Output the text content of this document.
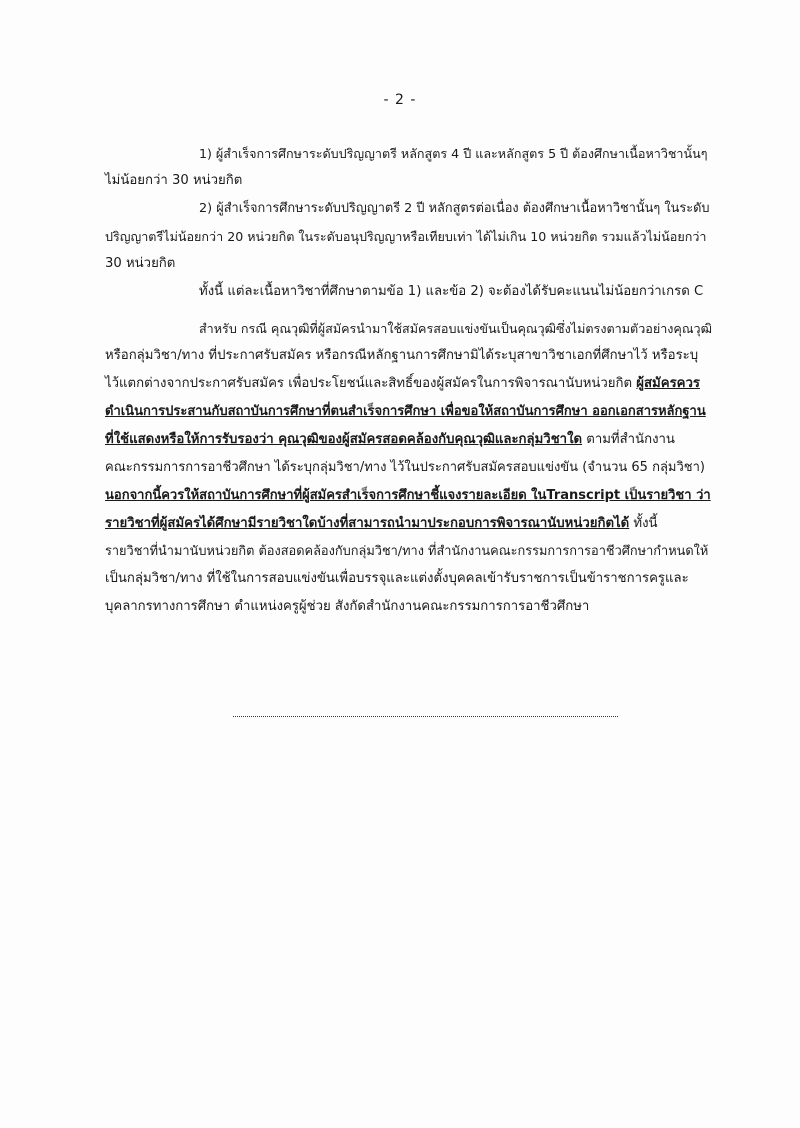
- 2 -
1) ผู้สำเร็จการศึกษาระดับปริญญาตรี หลักสูตร 4 ปี และหลักสูตร 5 ปี ต้องศึกษาเนื้อหาวิชานั้นๆ
ไม่น้อยกว่า 30 หน่วยกิต
2) ผู้สำเร็จการศึกษาระดับปริญญาตรี 2 ปี หลักสูตรต่อเนื่อง ต้องศึกษาเนื้อหาวิชานั้นๆ ในระดับ
ปริญญาตรีไม่น้อยกว่า 20 หน่วยกิต ในระดับอนุปริญญาหรือเทียบเท่า ได้ไม่เกิน 10 หน่วยกิต รวมแล้วไม่น้อยกว่า
30 หน่วยกิต
ทั้งนี้ แต่ละเนื้อหาวิชาที่ศึกษาตามข้อ 1) และข้อ 2) จะต้องได้รับคะแนนไม่น้อยกว่าเกรด C
สำหรับ กรณี คุณวุฒิที่ผู้สมัครนำมาใช้สมัครสอบแข่งขันเป็นคุณวุฒิซึ่งไม่ตรงตามตัวอย่างคุณวุฒิ
หรือกลุ่มวิชา/ทาง ที่ประกาศรับสมัคร หรือกรณีหลักฐานการศึกษามิได้ระบุสาขาวิชาเอกที่ศึกษาไว้ หรือระบุ
ไว้แตกต่างจากประกาศรับสมัคร เพื่อประโยชน์และสิทธิ์ของผู้สมัครในการพิจารณานับหน่วยกิต ผู้สมัครควร
ดำเนินการประสานกับสถาบันการศึกษาที่ตนสำเร็จการศึกษา เพื่อขอให้สถาบันการศึกษา ออกเอกสารหลักฐาน
ที่ใช้แสดงหรือให้การรับรองว่า คุณวุฒิของผู้สมัครสอดคล้องกับคุณวุฒิและกลุ่มวิชาใด ตามที่สำนักงาน
คณะกรรมการการอาชีวศึกษา ได้ระบุกลุ่มวิชา/ทาง ไว้ในประกาศรับสมัครสอบแข่งขัน (จำนวน 65 กลุ่มวิชา)
นอกจากนี้ควรให้สถาบันการศึกษาที่ผู้สมัครสำเร็จการศึกษาชี้แจงรายละเอียด ในTranscript เป็นรายวิชา ว่า
รายวิชาที่ผู้สมัครได้ศึกษามีรายวิชาใดบ้างที่สามารถนำมาประกอบการพิจารณานับหน่วยกิตได้ ทั้งนี้
รายวิชาที่นำมานับหน่วยกิต ต้องสอดคล้องกับกลุ่มวิชา/ทาง ที่สำนักงานคณะกรรมการการอาชีวศึกษากำหนดให้
เป็นกลุ่มวิชา/ทาง ที่ใช้ในการสอบแข่งขันเพื่อบรรจุและแต่งตั้งบุคคลเข้ารับราชการเป็นข้าราชการครูและ
บุคลากรทางการศึกษา ตำแหน่งครูผู้ช่วย สังกัดสำนักงานคณะกรรมการการอาชีวศึกษา
